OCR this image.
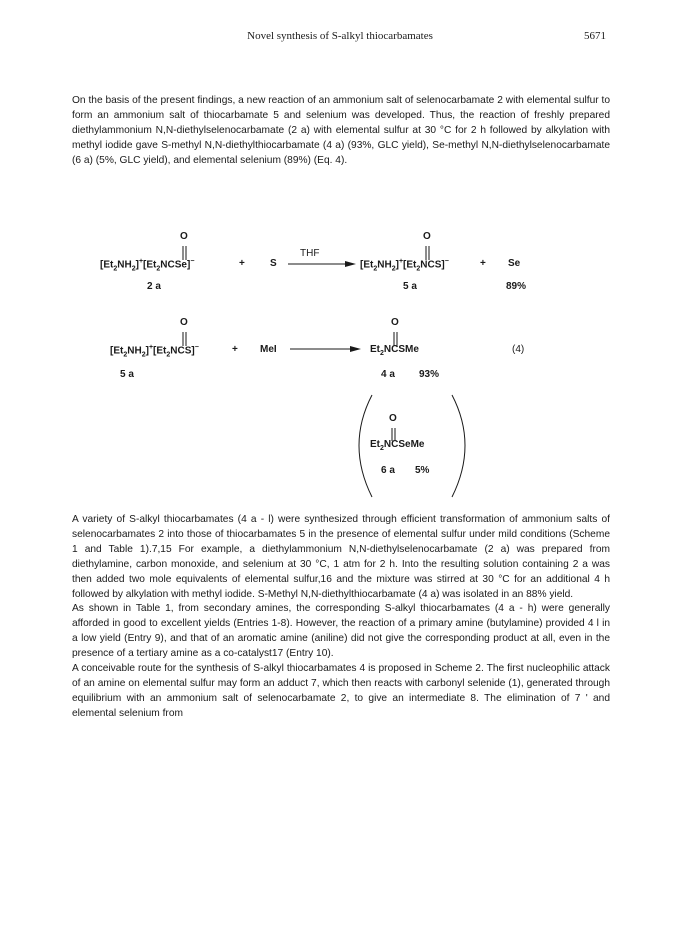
Novel synthesis of S-alkyl thiocarbamates	5671

On the basis of the present findings, a new reaction of an ammonium salt of selenocarbamate 2 with elemental sulfur to form an ammonium salt of thiocarbamate 5 and selenium was developed. Thus, the reaction of freshly prepared diethylammonium N,N-diethylselenocarbamate (2 a) with elemental sulfur at 30 °C for 2 h followed by alkylation with methyl iodide gave S-methyl N,N-diethylthiocarbamate (4 a) (93%, GLC yield), Se-methyl N,N-diethylselenocarbamate (6 a) (5%, GLC yield), and elemental selenium (89%) (Eq. 4).

O	O
$[Et_2NH_2]^+[Et_2NCSe]^-$	+	S
THF
$[Et_2NH_2]^+[Et_2NCS]^-$	+ Se
2 a	5 a	89%
O	O
$[Et_2NH_2]^+[Et_2NCS]^-$	+ MeI	$Et_2NCSMe$	(4)
5 a	4 a 93%
O
$Et_2NCSeMe$
6 a 5%

A variety of S-alkyl thiocarbamates (4 a - l) were synthesized through efficient transformation of ammonium salts of selenocarbamates 2 into those of thiocarbamates 5 in the presence of elemental sulfur under mild conditions (Scheme 1 and Table 1).7,15 For example, a diethylammonium N,N-diethylselenocarbamate (2 a) was prepared from diethylamine, carbon monoxide, and selenium at 30 °C, 1 atm for 2 h. Into the resulting solution containing 2 a was then added two mole equivalents of elemental sulfur,16 and the mixture was stirred at 30 °C for an additional 4 h followed by alkylation with methyl iodide. S-Methyl N,N-diethylthiocarbamate (4 a) was isolated in an 88% yield.

As shown in Table 1, from secondary amines, the corresponding S-alkyl thiocarbamates (4 a - h) were generally afforded in good to excellent yields (Entries 1-8). However, the reaction of a primary amine (butylamine) provided 4 l in a low yield (Entry 9), and that of an aromatic amine (aniline) did not give the corresponding product at all, even in the presence of a tertiary amine as a co-catalyst17 (Entry 10).

A conceivable route for the synthesis of S-alkyl thiocarbamates 4 is proposed in Scheme 2. The first nucleophilic attack of an amine on elemental sulfur may form an adduct 7, which then reacts with carbonyl selenide (1), generated through equilibrium with an ammonium salt of selenocarbamate 2, to give an intermediate 8. The elimination of 7 ' and elemental selenium from
